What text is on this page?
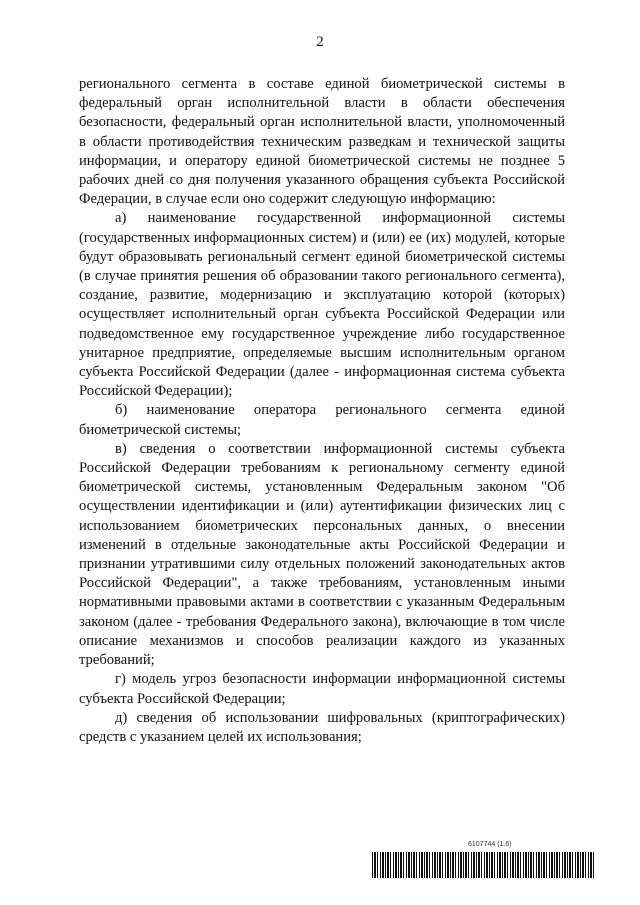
2

регионального сегмента в составе единой биометрической системы в федеральный орган исполнительной власти в области обеспечения безопасности, федеральный орган исполнительной власти, уполномоченный в области противодействия техническим разведкам и технической защиты информации, и оператору единой биометрической системы не позднее 5 рабочих дней со дня получения указанного обращения субъекта Российской Федерации, в случае если оно содержит следующую информацию:

а) наименование государственной информационной системы (государственных информационных систем) и (или) ее (их) модулей, которые будут образовывать региональный сегмент единой биометрической системы (в случае принятия решения об образовании такого регионального сегмента), создание, развитие, модернизацию и эксплуатацию которой (которых) осуществляет исполнительный орган субъекта Российской Федерации или подведомственное ему государственное учреждение либо государственное унитарное предприятие, определяемые высшим исполнительным органом субъекта Российской Федерации (далее - информационная система субъекта Российской Федерации);

б) наименование оператора регионального сегмента единой биометрической системы;

в) сведения о соответствии информационной системы субъекта Российской Федерации требованиям к региональному сегменту единой биометрической системы, установленным Федеральным законом "Об осуществлении идентификации и (или) аутентификации физических лиц с использованием биометрических персональных данных, о внесении изменений в отдельные законодательные акты Российской Федерации и признании утратившими силу отдельных положений законодательных актов Российской Федерации", а также требованиям, установленным иными нормативными правовыми актами в соответствии с указанным Федеральным законом (далее - требования Федерального закона), включающие в том числе описание механизмов и способов реализации каждого из указанных требований;

г) модель угроз безопасности информации информационной системы субъекта Российской Федерации;

д) сведения об использовании шифровальных (криптографических) средств с указанием целей их использования;

6107744 (1.6)
